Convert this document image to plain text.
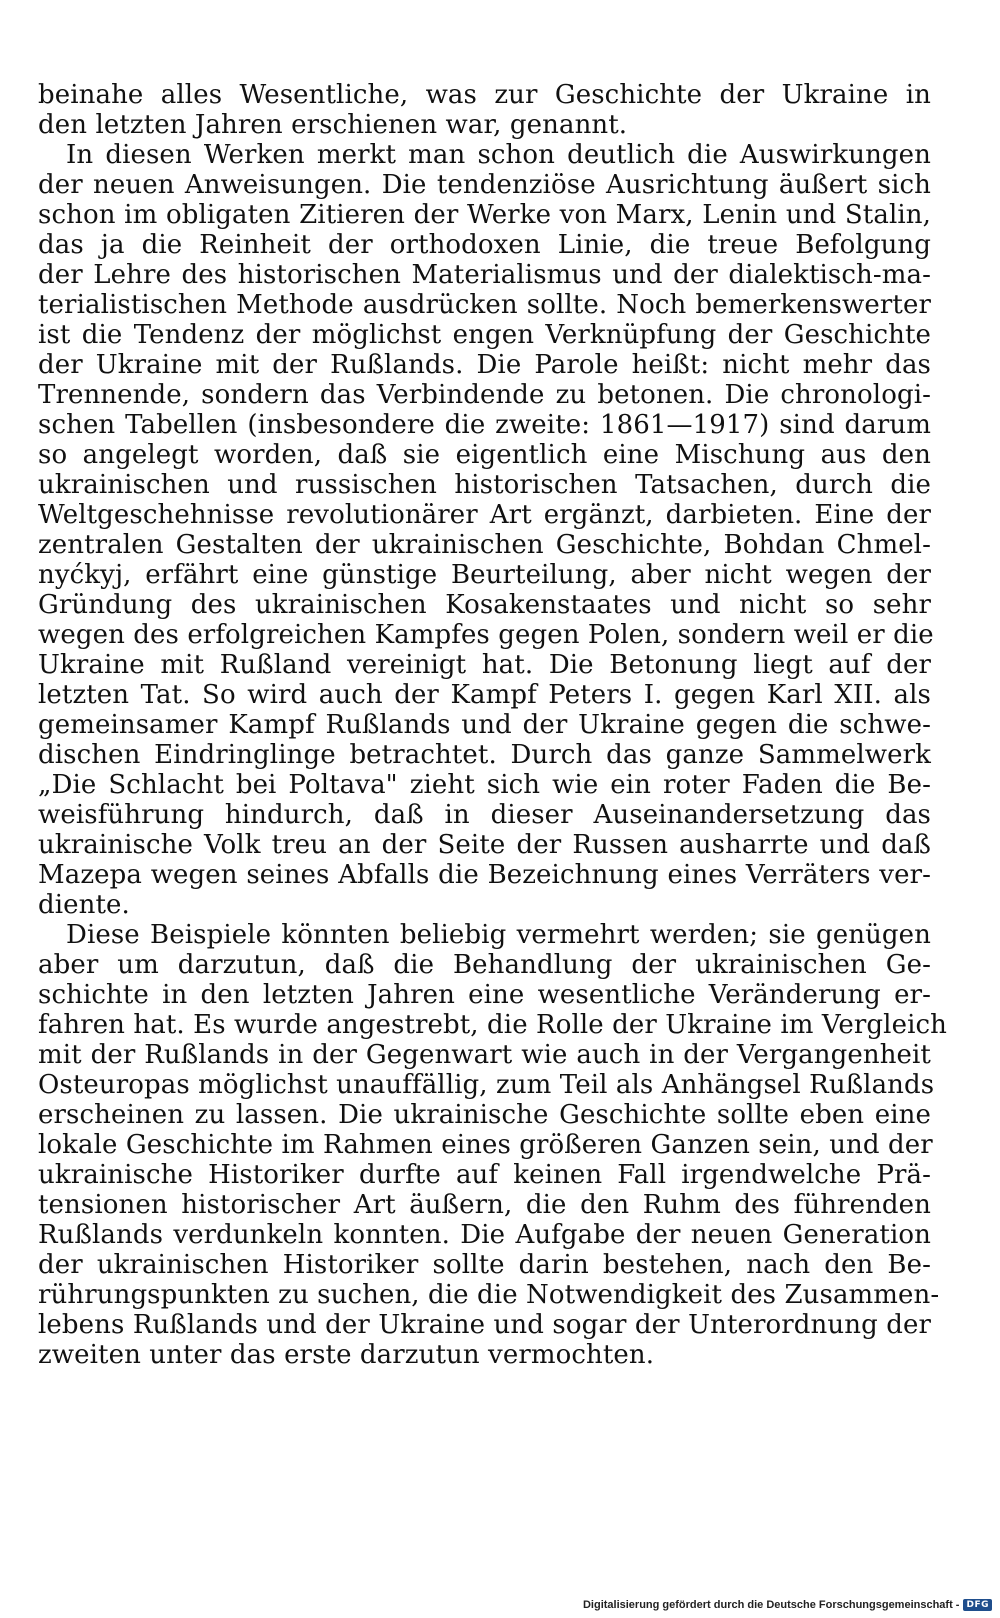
beinahe alles Wesentliche, was zur Geschichte der Ukraine in
den letzten Jahren erschienen war, genannt.
In diesen Werken merkt man schon deutlich die Auswirkungen
der neuen Anweisungen. Die tendenziöse Ausrichtung äußert sich
schon im obligaten Zitieren der Werke von Marx, Lenin und Stalin,
das ja die Reinheit der orthodoxen Linie, die treue Befolgung
der Lehre des historischen Materialismus und der dialektisch-ma-
terialistischen Methode ausdrücken sollte. Noch bemerkenswerter
ist die Tendenz der möglichst engen Verknüpfung der Geschichte
der Ukraine mit der Rußlands. Die Parole heißt: nicht mehr das
Trennende, sondern das Verbindende zu betonen. Die chronologi-
schen Tabellen (insbesondere die zweite: 1861—1917) sind darum
so angelegt worden, daß sie eigentlich eine Mischung aus den
ukrainischen und russischen historischen Tatsachen, durch die
Weltgeschehnisse revolutionärer Art ergänzt, darbieten. Eine der
zentralen Gestalten der ukrainischen Geschichte, Bohdan Chmel-
nyćkyj, erfährt eine günstige Beurteilung, aber nicht wegen der
Gründung des ukrainischen Kosakenstaates und nicht so sehr
wegen des erfolgreichen Kampfes gegen Polen, sondern weil er die
Ukraine mit Rußland vereinigt hat. Die Betonung liegt auf der
letzten Tat. So wird auch der Kampf Peters I. gegen Karl XII. als
gemeinsamer Kampf Rußlands und der Ukraine gegen die schwe-
dischen Eindringlinge betrachtet. Durch das ganze Sammelwerk
„Die Schlacht bei Poltava" zieht sich wie ein roter Faden die Be-
weisführung hindurch, daß in dieser Auseinandersetzung das
ukrainische Volk treu an der Seite der Russen ausharrte und daß
Mazepa wegen seines Abfalls die Bezeichnung eines Verräters ver-
diente.
Diese Beispiele könnten beliebig vermehrt werden; sie genügen
aber um darzutun, daß die Behandlung der ukrainischen Ge-
schichte in den letzten Jahren eine wesentliche Veränderung er-
fahren hat. Es wurde angestrebt, die Rolle der Ukraine im Vergleich
mit der Rußlands in der Gegenwart wie auch in der Vergangenheit
Osteuropas möglichst unauffällig, zum Teil als Anhängsel Rußlands
erscheinen zu lassen. Die ukrainische Geschichte sollte eben eine
lokale Geschichte im Rahmen eines größeren Ganzen sein, und der
ukrainische Historiker durfte auf keinen Fall irgendwelche Prä-
tensionen historischer Art äußern, die den Ruhm des führenden
Rußlands verdunkeln konnten. Die Aufgabe der neuen Generation
der ukrainischen Historiker sollte darin bestehen, nach den Be-
rührungspunkten zu suchen, die die Notwendigkeit des Zusammen-
lebens Rußlands und der Ukraine und sogar der Unterordnung der
zweiten unter das erste darzutun vermochten.
Digitalisierung gefördert durch die Deutsche Forschungsgemeinschaft - DFG
